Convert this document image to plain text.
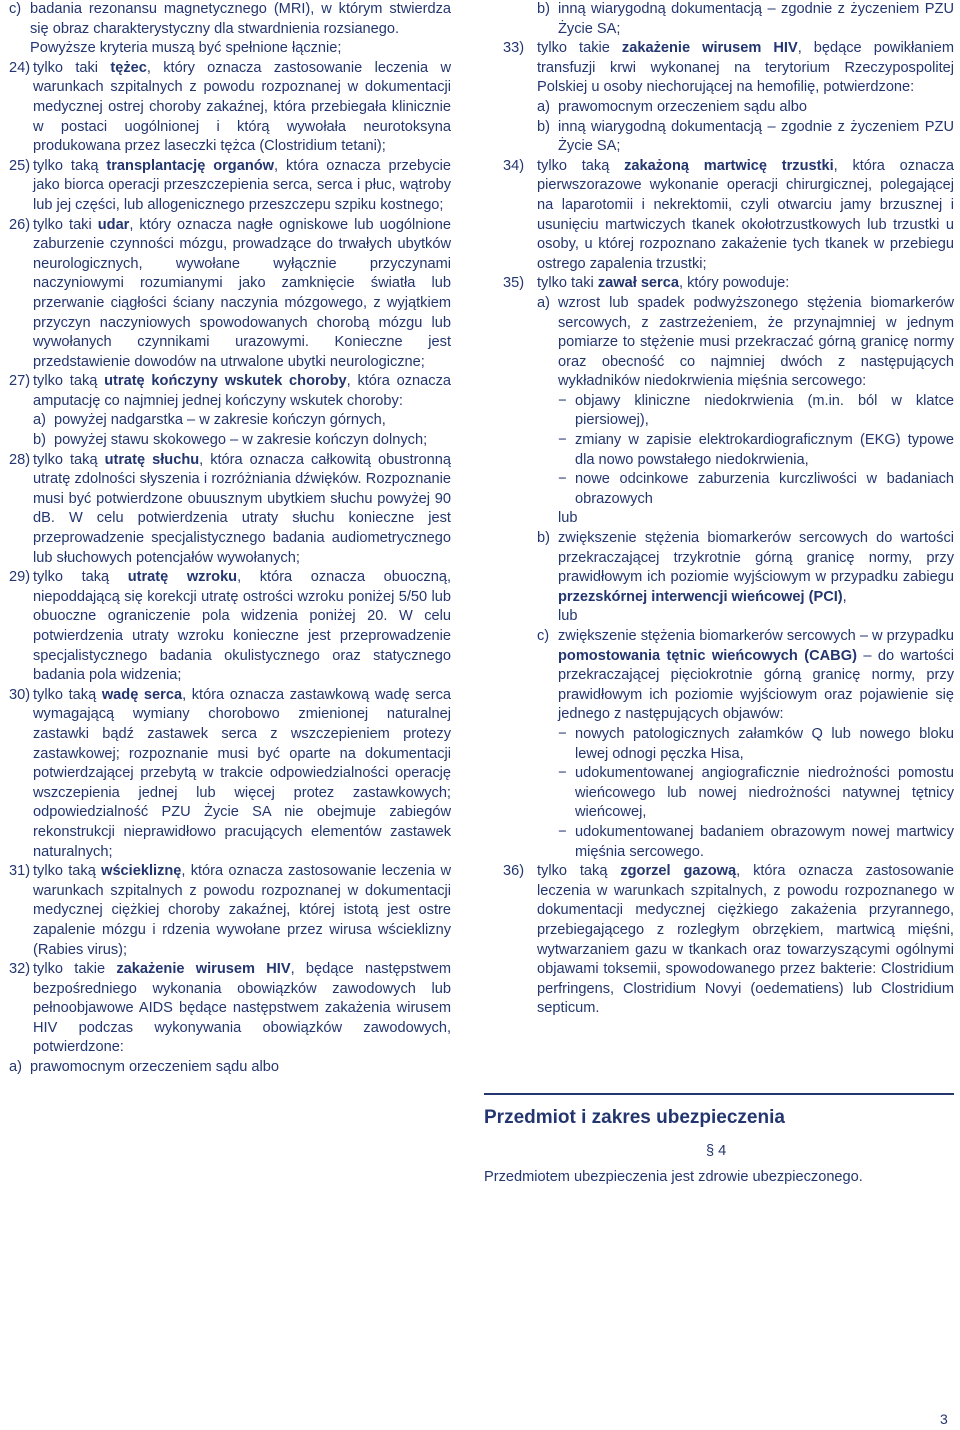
c) badania rezonansu magnetycznego (MRI), w którym stwierdza się obraz charakterystyczny dla stwardnienia rozsianego.

Powyższe kryteria muszą być spełnione łącznie;

24) tylko taki tężec, który oznacza zastosowanie leczenia w warunkach szpitalnych z powodu rozpoznanej w dokumentacji medycznej ostrej choroby zakaźnej, która przebiegała klinicznie w postaci uogólnionej i którą wywołała neurotoksyna produkowana przez laseczki tężca (Clostridium tetani);
25) tylko taką transplantację organów, która oznacza przebycie jako biorca operacji przeszczepienia serca, serca i płuc, wątroby lub jej części, lub allogenicznego przeszczepu szpiku kostnego;
26) tylko taki udar, który oznacza nagłe ogniskowe lub uogólnione zaburzenie czynności mózgu, prowadzące do trwałych ubytków neurologicznych, wywołane wyłącznie przyczynami naczyniowymi rozumianymi jako zamknięcie światła lub przerwanie ciągłości ściany naczynia mózgowego, z wyjątkiem przyczyn naczyniowych spowodowanych chorobą mózgu lub wywołanych czynnikami urazowymi. Konieczne jest przedstawienie dowodów na utrwalone ubytki neurologiczne;
27) tylko taką utratę kończyny wskutek choroby, która oznacza amputację co najmniej jednej kończyny wskutek choroby:
a) powyżej nadgarstka – w zakresie kończyn górnych,
b) powyżej stawu skokowego – w zakresie kończyn dolnych;
28) tylko taką utratę słuchu, która oznacza całkowitą obustronną utratę zdolności słyszenia i rozróżniania dźwięków. Rozpoznanie musi być potwierdzone obuusznym ubytkiem słuchu powyżej 90 dB. W celu potwierdzenia utraty słuchu konieczne jest przeprowadzenie specjalistycznego badania audiometrycznego lub słuchowych potencjałów wywołanych;
29) tylko taką utratę wzroku, która oznacza obuoczną, niepoddającą się korekcji utratę ostrości wzroku poniżej 5/50 lub obuoczne ograniczenie pola widzenia poniżej 20. W celu potwierdzenia utraty wzroku konieczne jest przeprowadzenie specjalistycznego badania okulistycznego oraz statycznego badania pola widzenia;
30) tylko taką wadę serca, która oznacza zastawkową wadę serca wymagającą wymiany chorobowo zmienionej naturalnej zastawki bądź zastawek serca z wszczepieniem protezy zastawkowej; rozpoznanie musi być oparte na dokumentacji potwierdzającej przebytą w trakcie odpowiedzialności operację wszczepienia jednej lub więcej protez zastawkowych; odpowiedzialność PZU Życie SA nie obejmuje zabiegów rekonstrukcji nieprawidłowo pracujących elementów zastawek naturalnych;
31) tylko taką wściekliznę, która oznacza zastosowanie leczenia w warunkach szpitalnych z powodu rozpoznanej w dokumentacji medycznej ciężkiej choroby zakaźnej, której istotą jest ostre zapalenie mózgu i rdzenia wywołane przez wirusa wścieklizny (Rabies virus);
32) tylko takie zakażenie wirusem HIV, będące następstwem bezpośredniego wykonania obowiązków zawodowych lub pełnoobjawowe AIDS będące następstwem zakażenia wirusem HIV podczas wykonywania obowiązków zawodowych, potwierdzone:
a) prawomocnym orzeczeniem sądu albo
b) inną wiarygodną dokumentacją – zgodnie z życzeniem PZU Życie SA;
33) tylko takie zakażenie wirusem HIV, będące powikłaniem transfuzji krwi wykonanej na terytorium Rzeczypospolitej Polskiej u osoby niechorującej na hemofilię, potwierdzone:
a) prawomocnym orzeczeniem sądu albo
b) inną wiarygodną dokumentacją – zgodnie z życzeniem PZU Życie SA;
34) tylko taką zakażoną martwicę trzustki, która oznacza pierwszorazowe wykonanie operacji chirurgicznej, polegającej na laparotomii i nekrektomii, czyli otwarciu jamy brzusznej i usunięciu martwiczych tkanek okołotrzustkowych lub trzustki u osoby, u której rozpoznano zakażenie tych tkanek w przebiegu ostrego zapalenia trzustki;
35) tylko taki zawał serca, który powoduje:
a) wzrost lub spadek podwyższonego stężenia biomarkerów sercowych, z zastrzeżeniem, że przynajmniej w jednym pomiarze to stężenie musi przekraczać górną granicę normy oraz obecność co najmniej dwóch z następujących wykładników niedokrwienia mięśnia sercowego:
− objawy kliniczne niedokrwienia (m.in. ból w klatce piersiowej),
− zmiany w zapisie elektrokardiograficznym (EKG) typowe dla nowo powstałego niedokrwienia,
− nowe odcinkowe zaburzenia kurczliwości w badaniach obrazowych

lub

b) zwiększenie stężenia biomarkerów sercowych do wartości przekraczającej trzykrotnie górną granicę normy, przy prawidłowym ich poziomie wyjściowym w przypadku zabiegu przezskórnej interwencji wieńcowej (PCI),

lub

c) zwiększenie stężenia biomarkerów sercowych – w przypadku pomostowania tętnic wieńcowych (CABG) – do wartości przekraczającej pięciokrotnie górną granicę normy, przy prawidłowym ich poziomie wyjściowym oraz pojawienie się jednego z następujących objawów:
− nowych patologicznych załamków Q lub nowego bloku lewej odnogi pęczka Hisa,
− udokumentowanej angiograficznie niedrożności pomostu wieńcowego lub nowej niedrożności natywnej tętnicy wieńcowej,
− udokumentowanej badaniem obrazowym nowej martwicy mięśnia sercowego.
36) tylko taką zgorzel gazową, która oznacza zastosowanie leczenia w warunkach szpitalnych, z powodu rozpoznanego w dokumentacji medycznej ciężkiego zakażenia przyrannego, przebiegającego z rozległym obrzękiem, martwicą mięśni, wytwarzaniem gazu w tkankach oraz towarzyszącymi ogólnymi objawami toksemii, spowodowanego przez bakterie: Clostridium perfringens, Clostridium Novyi (oedematiens) lub Clostridium septicum.
Przedmiot i zakres ubezpieczenia
§ 4
Przedmiotem ubezpieczenia jest zdrowie ubezpieczonego.
3
